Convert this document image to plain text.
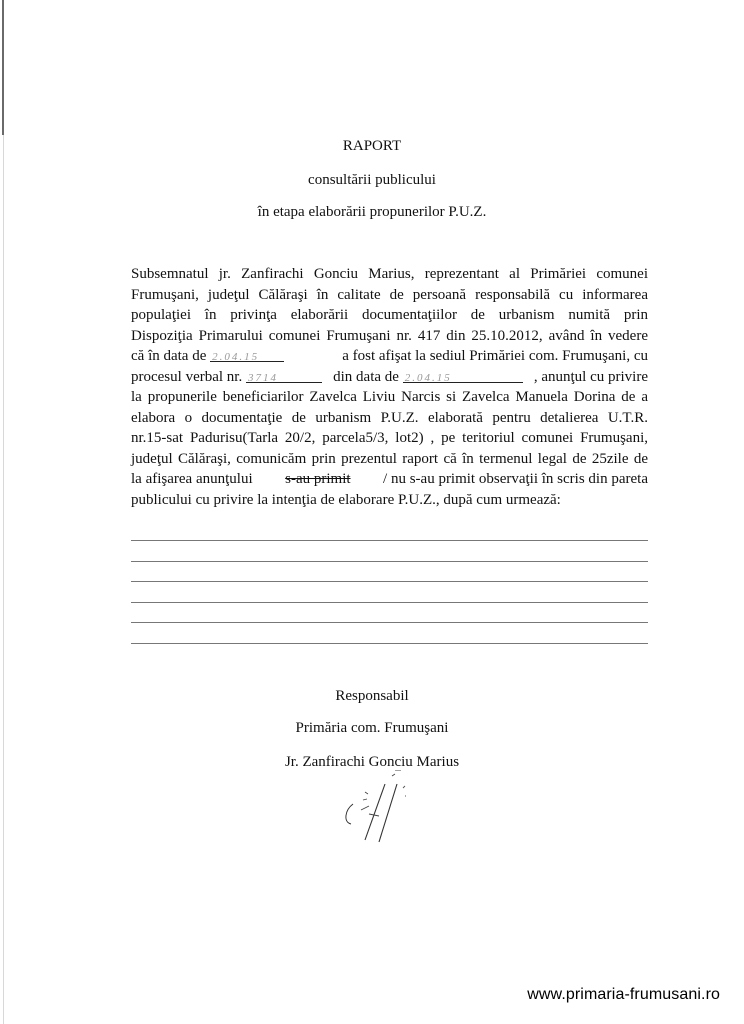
RAPORT
consultării publicului
în etapa elaborării propunerilor P.U.Z.
Subsemnatul jr. Zanfirachi Gonciu Marius, reprezentant al Primăriei comunei
Frumuşani, judeţul Călăraşi în calitate de persoană responsabilă cu informarea
populaţiei în privinţa elaborării documentaţiilor de urbanism numită prin
Dispoziţia Primarului comunei Frumuşani nr. 417 din 25.10.2012, având în vedere
că în data de 2.04.15	a fost afişat la sediul Primăriei com. Frumuşani, cu
procesul verbal nr. 3714	din data de 2.04.15	, anunţul cu privire
la propunerile beneficiarilor Zavelca Liviu Narcis si Zavelca Manuela Dorina de a
elabora o documentaţie de urbanism P.U.Z. elaborată pentru detalierea U.T.R.
nr.15-sat Padurisu(Tarla 20/2, parcela5/3, lot2) , pe teritoriul comunei Frumuşani,
judeţul Călăraşi, comunicăm prin prezentul raport că în termenul legal de 25zile de
la afişarea anunţului s-au primit / nu s-au primit observaţii în scris din pareta
publicului cu privire la intenţia de elaborare P.U.Z., după cum urmează:
Responsabil
Primăria com. Frumuşani
Jr. Zanfirachi Gonciu Marius
www.primaria-frumusani.ro
